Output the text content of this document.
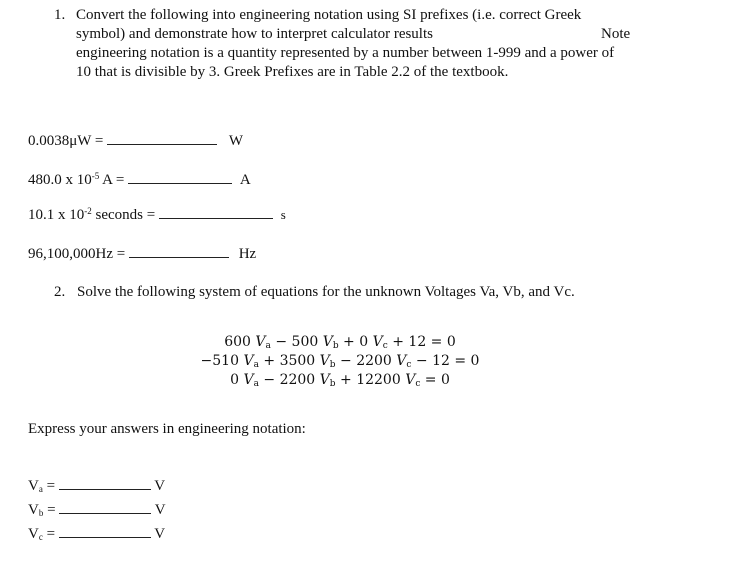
1. Convert the following into engineering notation using SI prefixes (i.e. correct Greek
symbol) and demonstrate how to interpret calculator results
engineering notation is a quantity represented by a number between 1-999 and a power of
10 that is divisible by 3. Greek Prefixes are in Table 2.2 of the textbook.
Note
0.0038μW =	W
480.0 x $10^{-5}$ A =	A
10.1 x $10^{-2}$ seconds =	s
96,100,000Hz =	Hz
2. Solve the following system of equations for the unknown Voltages Va, Vb, and Vc.
600 $V_a - 500$ $V_b + 0$ $V_c + 12 = 0$
−510 $V_a + 3500$ $V_b - 2200$ $V_c - 12 = 0$
0 $V_a - 2200$ $V_b + 12200$ $V_c = 0$
Express your answers in engineering notation:
$V_a$ =	V
$V_b$ =	V
$V_c$ =	V
